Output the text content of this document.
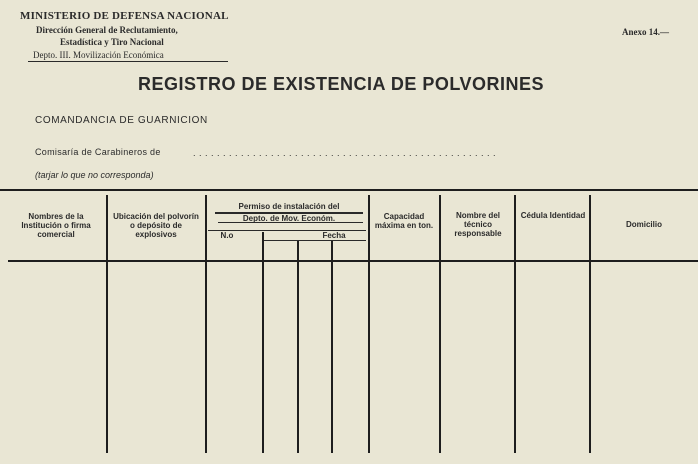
MINISTERIO DE DEFENSA NACIONAL
Dirección General de Reclutamiento,
Estadística y Tiro Nacional
Depto. III. Movilización Económica
Anexo 14.—
REGISTRO DE EXISTENCIA DE POLVORINES
COMANDANCIA DE GUARNICION
Comisaría de Carabineros de	. . . . . . . . . . . . . . . . . . . . . . . . . . . . . . . . . . . . . . . . . . . . . . . . . . .
(tarjar lo que no corresponda)
Nombres de la Institución o firma comercial
Ubicación del polvorín o depósito de explosivos
Permiso de instalación del
Depto. de Mov. Económ.
N.o	Fecha
Capacidad máxima en ton.
Nombre del técnico responsable
Cédula Identidad
Domicilio
